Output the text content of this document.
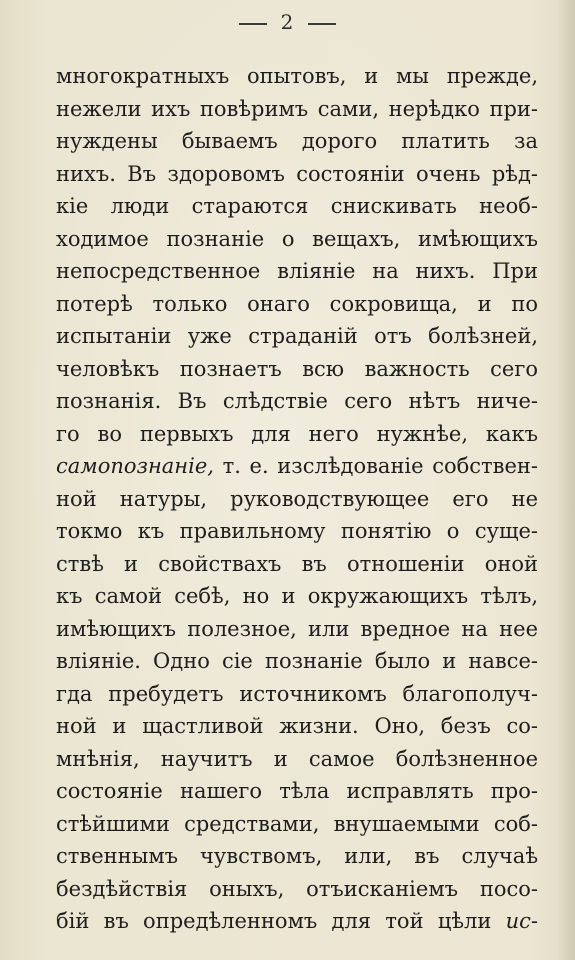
2
многократныхъ опытовъ, и мы прежде,
нежели ихъ повѣримъ сами, нерѣдко при-
нуждены бываемъ дорого платить за
нихъ. Въ здоровомъ состояніи очень рѣд-
кіе люди стараются снискивать необ-
ходимое познаніе о вещахъ, имѣющихъ
непосредственное вліяніе на нихъ. При
потерѣ только онаго сокровища, и по
испытаніи уже страданій отъ болѣзней,
человѣкъ познаетъ всю важность сего
познанія. Въ слѣдствіе сего нѣтъ ниче-
го во первыхъ для него нужнѣе, какъ
самопознаніе, т. е. изслѣдованіе собствен-
ной натуры, руководствующее его не
токмо къ правильному понятію о суще-
ствѣ и свойствахъ въ отношеніи оной
къ самой себѣ, но и окружающихъ тѣлъ,
имѣющихъ полезное, или вредное на нее
вліяніе. Одно сіе познаніе было и навсе-
гда пребудетъ источникомъ благополуч-
ной и щастливой жизни. Оно, безъ со-
мнѣнія, научитъ и самое болѣзненное
состояніе нашего тѣла исправлять про-
стѣйшими средствами, внушаемыми соб-
ственнымъ чувствомъ, или, въ случаѣ
бездѣйствія оныхъ, отъисканіемъ посо-
бій въ опредѣленномъ для той цѣли ис-
